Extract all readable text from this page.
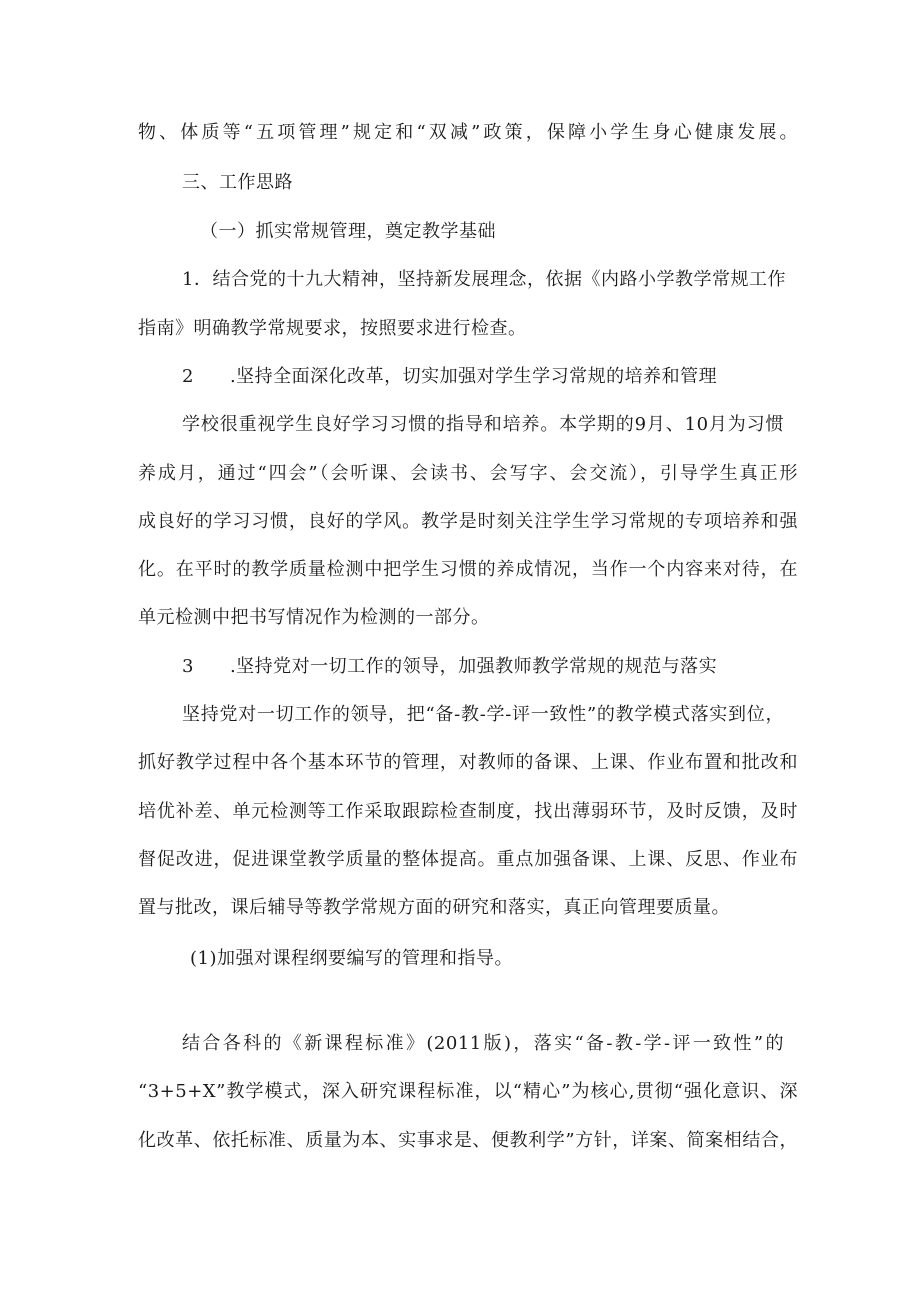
物、体质等“五项管理”规定和“双减”政策，保障小学生身心健康发展。
三、工作思路
（一）抓实常规管理，奠定教学基础
1．结合党的十九大精神，坚持新发展理念，依据《内路小学教学常规工作
指南》明确教学常规要求，按照要求进行检查。
2 .坚持全面深化改革，切实加强对学生学习常规的培养和管理
学校很重视学生良好学习习惯的指导和培养。本学期的9月、10月为习惯
养成月，通过“四会”（会听课、会读书、会写字、会交流），引导学生真正形
成良好的学习习惯，良好的学风。教学是时刻关注学生学习常规的专项培养和强
化。在平时的教学质量检测中把学生习惯的养成情况，当作一个内容来对待，在
单元检测中把书写情况作为检测的一部分。
3 .坚持党对一切工作的领导，加强教师教学常规的规范与落实
坚持党对一切工作的领导，把“备-教-学-评一致性”的教学模式落实到位，
抓好教学过程中各个基本环节的管理，对教师的备课、上课、作业布置和批改和
培优补差、单元检测等工作采取跟踪检查制度，找出薄弱环节，及时反馈，及时
督促改进，促进课堂教学质量的整体提高。重点加强备课、上课、反思、作业布
置与批改，课后辅导等教学常规方面的研究和落实，真正向管理要质量。
(1)加强对课程纲要编写的管理和指导。
结合各科的《新课程标准》(2011版)，落实“备-教-学-评一致性”的
“3+5+X”教学模式，深入研究课程标准，以“精心”为核心,贯彻“强化意识、深
化改革、依托标准、质量为本、实事求是、便教利学”方针，详案、简案相结合，
